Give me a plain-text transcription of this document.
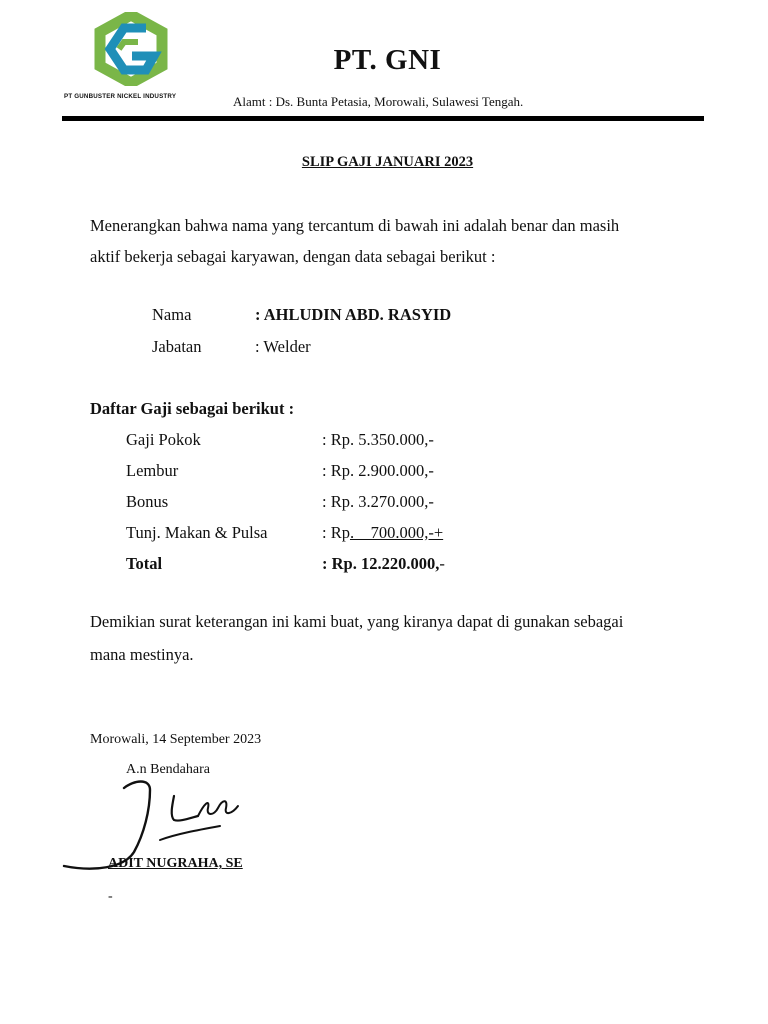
PT GUNBUSTER NICKEL INDUSTRY
PT. GNI
Alamt : Ds. Bunta Petasia, Morowali, Sulawesi Tengah.
SLIP GAJI JANUARI 2023
Menerangkan bahwa nama yang tercantum di bawah ini adalah benar dan masih
aktif bekerja sebagai karyawan, dengan data sebagai berikut :
Nama	: AHLUDIN ABD. RASYID
Jabatan	: Welder
Daftar Gaji sebagai berikut :
Gaji Pokok	: Rp. 5.350.000,-
Lembur	: Rp. 2.900.000,-
Bonus	: Rp. 3.270.000,-
Tunj. Makan & Pulsa	: Rp.    700.000,-+
Total	: Rp. 12.220.000,-
Demikian surat keterangan ini kami buat, yang kiranya dapat di gunakan sebagai
mana mestinya.
Morowali, 14 September 2023
A.n Bendahara
ADIT NUGRAHA, SE
-
